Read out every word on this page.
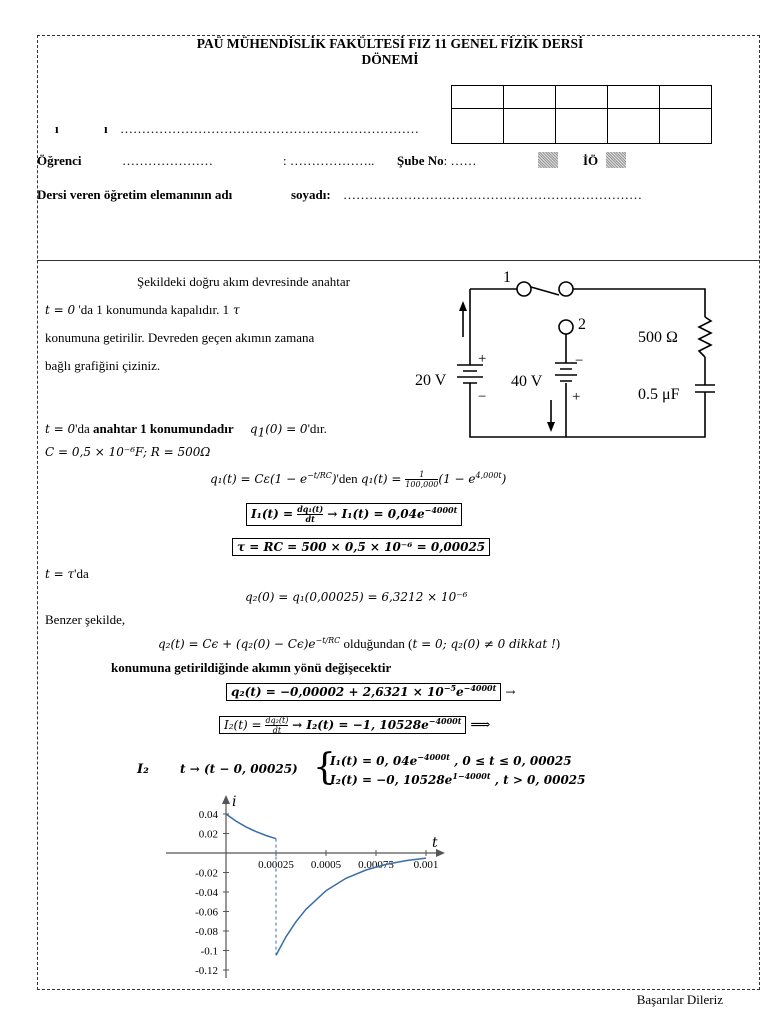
PAÜ MÜHENDİSLİK FAKÜLTESİ FIZ 11 GENEL FİZİK DERSİ
DÖNEMİ

ı	ı ……………………………………………………………
Öğrenci	…………………	: ……………….. Şube No: ……	İÖ
Dersi veren öğretim elemanının adı	soyadı: ……………………………………………………………
Şekildeki doğru akım devresinde anahtar
t = 0 'da 1 konumunda kapalıdır. 1 τ
konumuna getirilir. Devreden geçen akımın zamana
bağlı grafiğini çiziniz.
1
2
500 Ω
20 V	40 V
0.5 μF
+
−
−
+
t = 0'da anahtar 1 konumundadır $q_1(0)$ = 0'dır.
C = 0,5 × 10⁻⁶F; R = 500Ω
$q_1(t) = C\varepsilon(1 - e^{-t/RC})'den$ $q_1(t) = \frac{1}{100,000} (1 - e^{4,000t})$
$I_1(t) = \frac{\text{dq₁(t)}}{dt} \to I_1(t) = 0,04e^{-4000t}$
τ = RC = 500 × 0,5 × 10⁻⁶ = 0,00025
t = τ'da
q₂(0) = q₁(0,00025) = 6,3212 × 10⁻⁶
Benzer şekilde,
$q_2(t) = C\epsilon + (q_2(0) - C\epsilon)e^{-t/RC}$ olduğundan (t = 0; q₂(0) ≠ 0 dikkat !)
konumuna getirildiğinde akımın yönü değişecektir
$q_2(t) = -0,00002 + 2,6321 \times 10^{-5}e^{-4000t}$ →
$I_2(t) = \frac{\text{dq₂(t)}}{dt} \to I_2(t) = -1$, $10528e^{-4000t}$ ⟹
I₂	t → (t − 0, 00025) {
I₁(t) = 0, $04e^{-4000t}$ , 0 ≤ t ≤ 0, 00025
I₂(t) = −0, $10528e^{1-4000t}$ , t > 0, 00025
i
t
0.04
0.02
-0.02
-0.04
-0.06
-0.08
-0.1
-0.12
0.00025 0.0005 0.00075 0.001
Başarılar Dileriz
